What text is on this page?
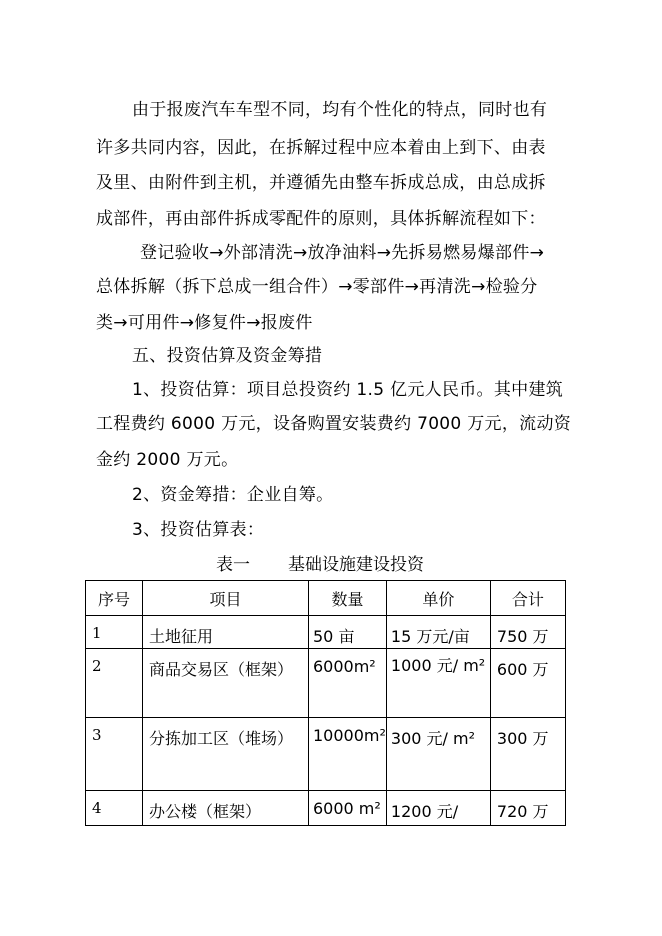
由于报废汽车车型不同，均有个性化的特点，同时也有
许多共同内容，因此，在拆解过程中应本着由上到下、由表
及里、由附件到主机，并遵循先由整车拆成总成，由总成拆
成部件，再由部件拆成零配件的原则，具体拆解流程如下：
登记验收→外部清洗→放净油料→先拆易燃易爆部件→
总体拆解（拆下总成一组合件）→零部件→再清洗→检验分
类→可用件→修复件→报废件
五、投资估算及资金筹措
1、投资估算：项目总投资约 1.5 亿元人民币。其中建筑
工程费约 6000 万元，设备购置安装费约 7000 万元，流动资
金约 2000 万元。
2、资金筹措：企业自筹。
3、投资估算表：
表一 基础设施建设投资
序号	项目	数量	单价	合计
1	土地征用	50 亩	15 万元/亩	750 万
2	商品交易区（框架）	6000m²	1000 元/ m²	600 万
3	分拣加工区（堆场）	10000m²	300 元/ m²	300 万
4	办公楼（框架）	6000 m²	1200 元/	720 万
